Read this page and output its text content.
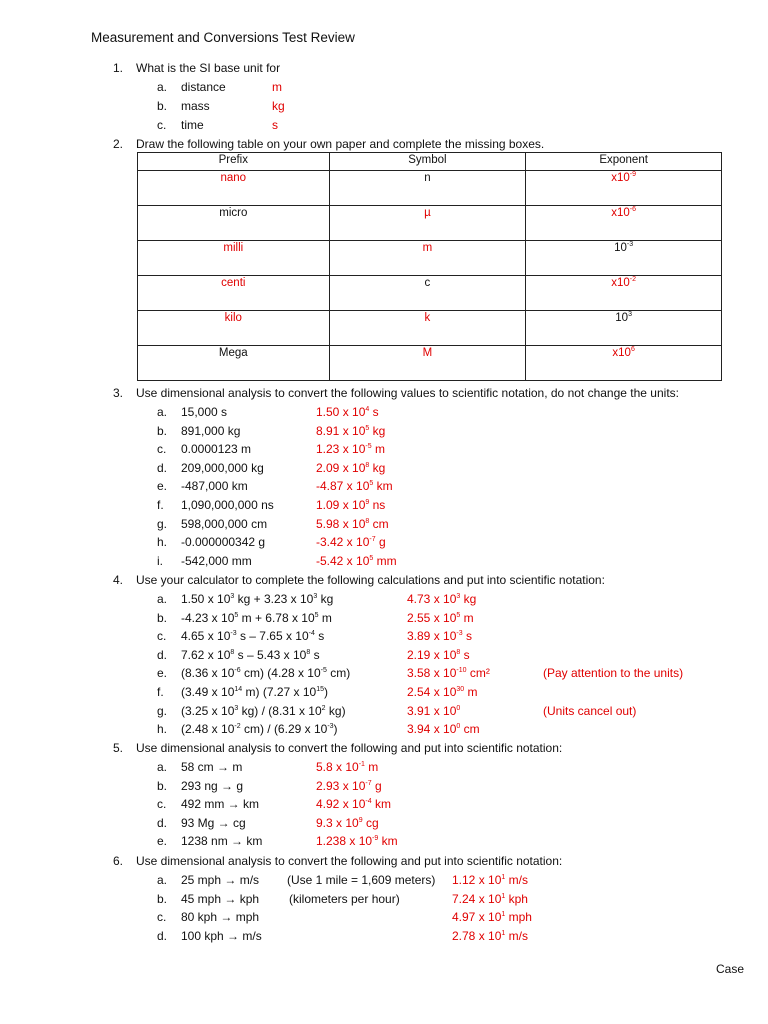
Measurement and Conversions Test Review
1. What is the SI base unit for
a. distance	m
b. mass	kg
c. time	s
2. Draw the following table on your own paper and complete the missing boxes.
Prefix	Symbol	Exponent
nano	n	$x10^{-9}$
micro	µ	$x10^{-6}$
milli	m	$10^{-3}$
centi	c	$x10^{-2}$
kilo	k	$10^3$
Mega	M	$x10^6$
3. Use dimensional analysis to convert the following values to scientific notation, do not change the units:
a. 15,000 s	1.50 x $10^4$ s
b. 891,000 kg	8.91 x $10^5$ kg
c. 0.0000123 m	1.23 x $10^{-5}$ m
d. 209,000,000 kg	2.09 x $10^8$ kg
e. -487,000 km	-4.87 x $10^5$ km
f. 1,090,000,000 ns	1.09 x $10^9$ ns
g. 598,000,000 cm	5.98 x $10^8$ cm
h. -0.000000342 g	-3.42 x $10^{-7}$ g
i. -542,000 mm	-5.42 x $10^5$ mm
4. Use your calculator to complete the following calculations and put into scientific notation:
a. 1.50 x $10^3$ kg + 3.23 x $10^3$ kg	4.73 x $10^3$ kg
b. -4.23 x $10^5$ m + 6.78 x $10^5$ m	2.55 x $10^5$ m
c. 4.65 x $10^{-3}$ s – 7.65 x $10^{-4}$ s	3.89 x $10^{-3}$ s
d. 7.62 x $10^8$ s – 5.43 x $10^8$ s	2.19 x $10^8$ s
e. (8.36 x $10^{-6}$ cm) (4.28 x $10^{-5}$ cm)	3.58 x $10^{-10}$ cm²	(Pay attention to the units)
f. (3.49 x $10^{14}$ m) (7.27 x $10^{15}$)	2.54 x $10^{30}$ m
g. (3.25 x $10^3$ kg) / (8.31 x $10^2$ kg)	3.91 x $10^0$	(Units cancel out)
h. (2.48 x $10^{-2}$ cm) / (6.29 x $10^{-3}$)	3.94 x $10^0$ cm
5. Use dimensional analysis to convert the following and put into scientific notation:
a. 58 cm → m	5.8 x $10^{-1}$ m
b. 293 ng → g	2.93 x $10^{-7}$ g
c. 492 mm → km	4.92 x $10^{-4}$ km
d. 93 Mg → cg	9.3 x $10^9$ cg
e. 1238 nm → km	1.238 x $10^{-9}$ km
6. Use dimensional analysis to convert the following and put into scientific notation:
a. 25 mph → m/s (Use 1 mile = 1,609 meters) 1.12 x $10^1$ m/s
b. 45 mph → kph (kilometers per hour)	7.24 x $10^1$ kph
c. 80 kph → mph	4.97 x $10^1$ mph
d. 100 kph → m/s	2.78 x $10^1$ m/s
Case
